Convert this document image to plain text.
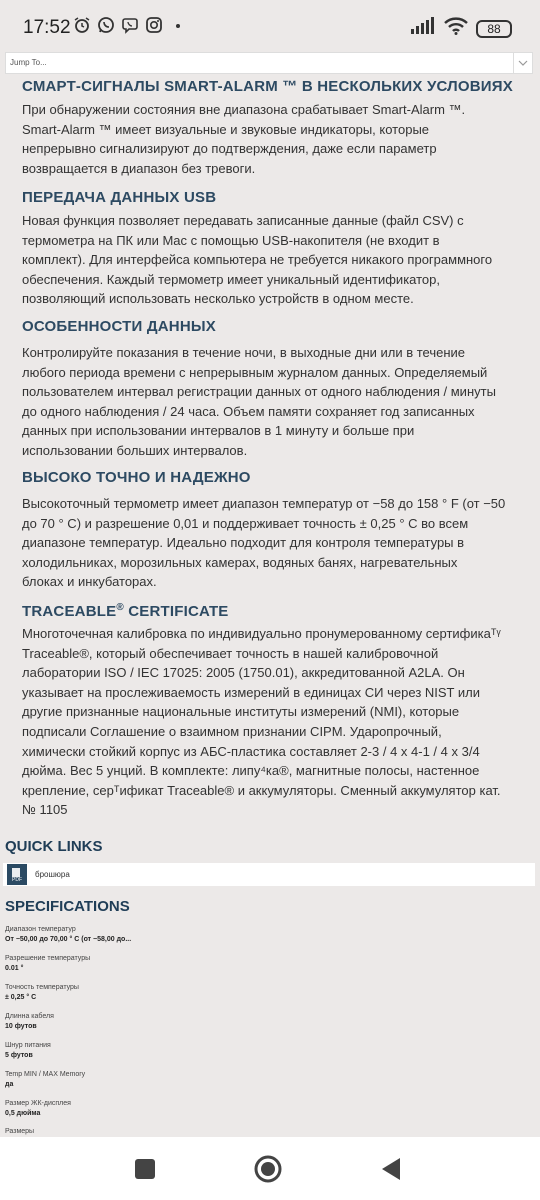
17:52	88
Jump To...
СМАРТ-СИГНАЛЫ SMART-ALARM ™ В НЕСКОЛЬКИХ УСЛОВИЯХ
При обнаружении состояния вне диапазона срабатывает Smart-Alarm ™.
Smart-Alarm ™ имеет визуальные и звуковые индикаторы, которые
непрерывно сигнализируют до подтверждения, даже если параметр
возвращается в диапазон без тревоги.
ПЕРЕДАЧА ДАННЫХ USB
Новая функция позволяет передавать записанные данные (файл CSV) с
термометра на ПК или Mac с помощью USB-накопителя (не входит в
комплект). Для интерфейса компьютера не требуется никакого программного
обеспечения. Каждый термометр имеет уникальный идентификатор,
позволяющий использовать несколько устройств в одном месте.
ОСОБЕННОСТИ ДАННЫХ
Контролируйте показания в течение ночи, в выходные дни или в течение
любого периода времени с непрерывным журналом данных. Определяемый
пользователем интервал регистрации данных от одного наблюдения / минуты
до одного наблюдения / 24 часа. Объем памяти сохраняет год записанных
данных при использовании интервалов в 1 минуту и больше при
использовании больших интервалов.
ВЫСОКО ТОЧНО И НАДЕЖНО
Высокоточный термометр имеет диапазон температур от −58 до 158 ° F (от −50
до 70 ° C) и разрешение 0,01 и поддерживает точность ± 0,25 ° C во всем
диапазоне температур. Идеально подходит для контроля температуры в
холодильниках, морозильных камерах, водяных банях, нагревательных
блоках и инкубаторах.
TRACEABLE® CERTIFICATE
Многоточечная калибровка по индивидуально пронумерованному сертификаᵀᵞ
Traceable®, который обеспечивает точность в нашей калибровочной
лаборатории ISO / IEC 17025: 2005 (1750.01), аккредитованной A2LA. Он
указывает на прослеживаемость измерений в единицах СИ через NIST или
другие признанные национальные институты измерений (NMI), которые
подписали Соглашение о взаимном признании CIPM. Ударопрочный,
химически стойкий корпус из АБС-пластика составляет 2-3 / 4 х 4-1 / 4 х 3/4
дюйма. Вес 5 унций. В комплекте: липу⁴ка®, магнитные полосы, настенное
крепление, серᵀифика​т Traceable® и аккумуляторы. Сменный аккумулятор кат.
№ 1105
QUICK LINKS
PDF
брошюра
SPECIFICATIONS
Диапазон температур
От −50,00 до 70,00 ° C (от −58,00 до...
Разрешение температуры
0.01 °
Точность температуры
± 0,25 ° C
Длинна кабеля
10 футов
Шнур питания
5 футов
Temp MIN / MAX Memory
да
Размер ЖК-дисплея
0,5 дюйма
Размеры
